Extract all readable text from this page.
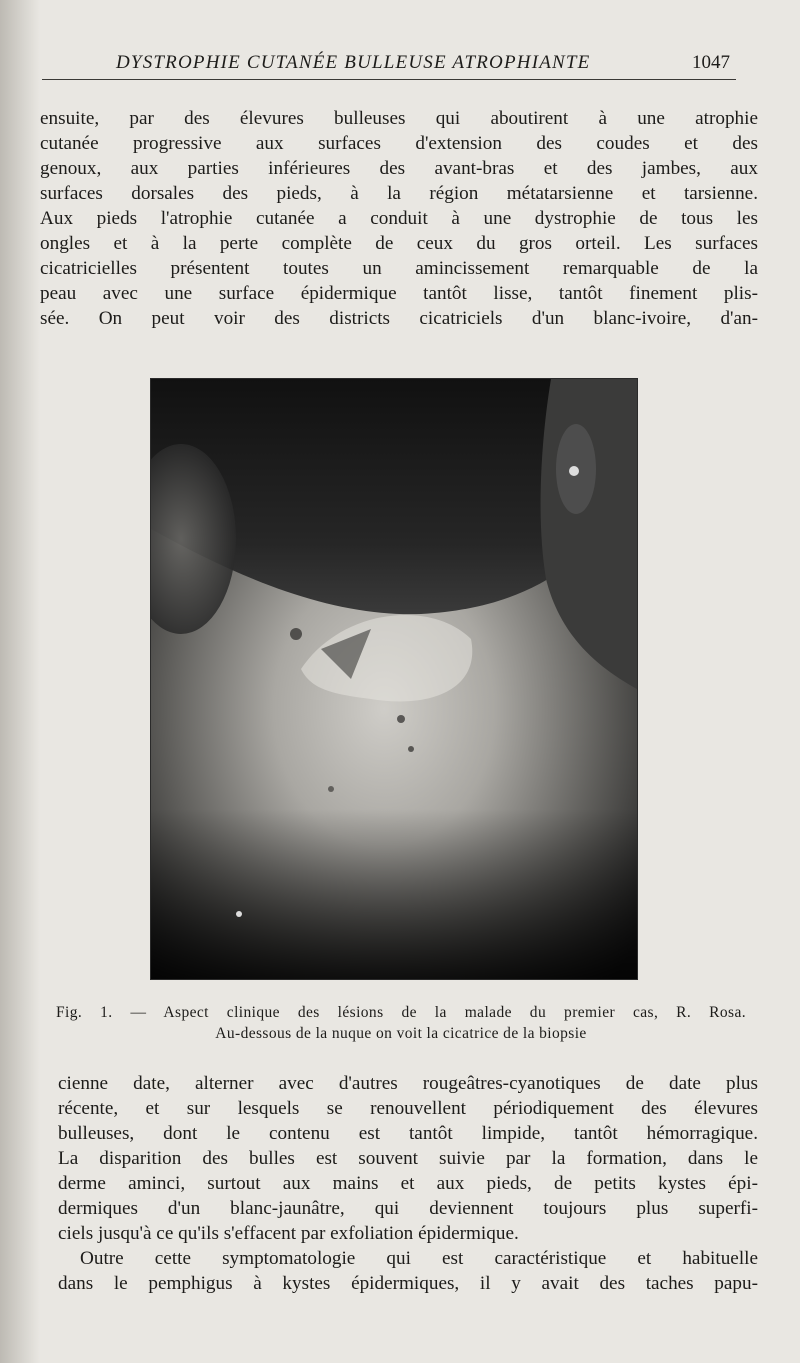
DYSTROPHIE CUTANÉE BULLEUSE ATROPHIANTE	1047
ensuite, par des élevures bulleuses qui aboutirent à une atrophie
cutanée progressive aux surfaces d'extension des coudes et des
genoux, aux parties inférieures des avant-bras et des jambes, aux
surfaces dorsales des pieds, à la région métatarsienne et tarsienne.
Aux pieds l'atrophie cutanée a conduit à une dystrophie de tous les
ongles et à la perte complète de ceux du gros orteil. Les surfaces
cicatricielles présentent toutes un amincissement remarquable de la
peau avec une surface épidermique tantôt lisse, tantôt finement plis-
sée. On peut voir des districts cicatriciels d'un blanc-ivoire, d'an-
Fig. 1. — Aspect clinique des lésions de la malade du premier cas, R. Rosa.
Au-dessous de la nuque on voit la cicatrice de la biopsie
cienne date, alterner avec d'autres rougeâtres-cyanotiques de date plus
récente, et sur lesquels se renouvellent périodiquement des élevures
bulleuses, dont le contenu est tantôt limpide, tantôt hémorragique.
La disparition des bulles est souvent suivie par la formation, dans le
derme aminci, surtout aux mains et aux pieds, de petits kystes épi-
dermiques d'un blanc-jaunâtre, qui deviennent toujours plus superfi-
ciels jusqu'à ce qu'ils s'effacent par exfoliation épidermique.
Outre cette symptomatologie qui est caractéristique et habituelle
dans le pemphigus à kystes épidermiques, il y avait des taches papu-
